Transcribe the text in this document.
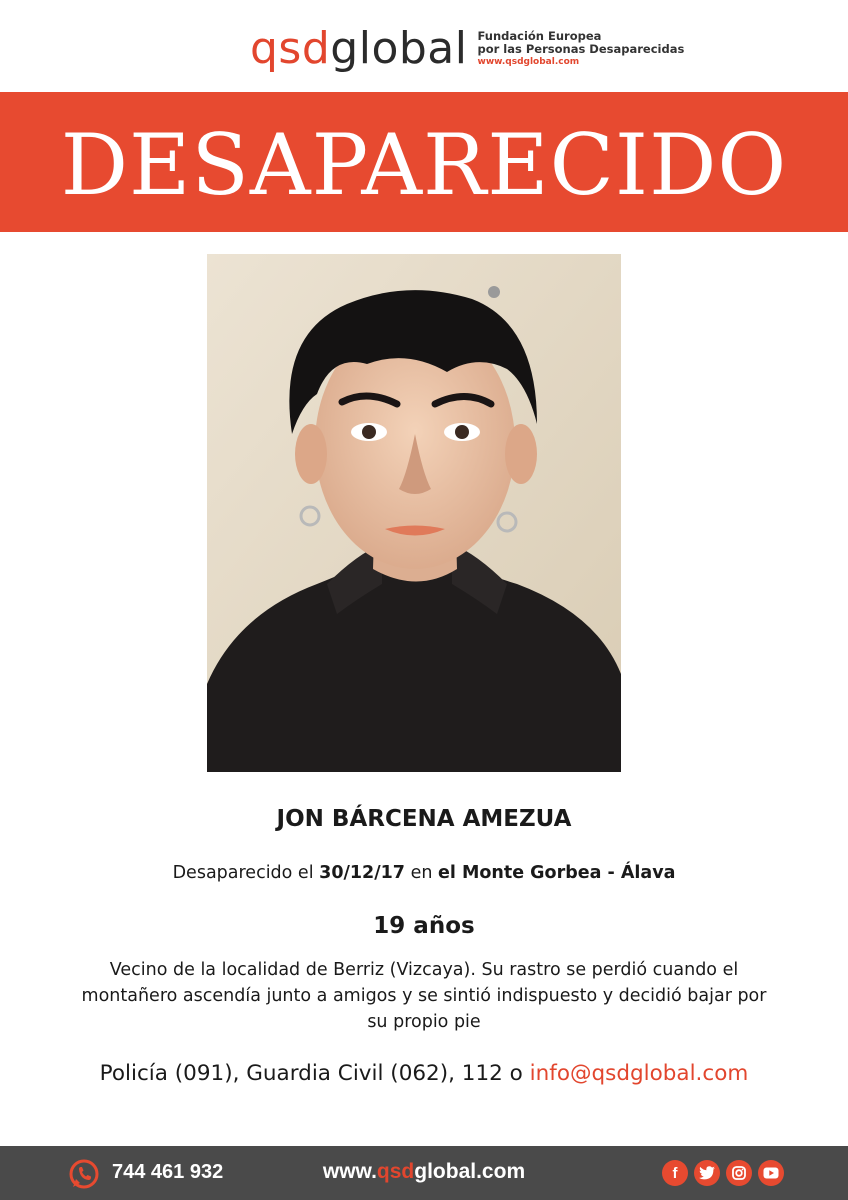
qsdglobal Fundación Europea
por las Personas Desaparecidas
www.qsdglobal.com
DESAPARECIDO
JON BÁRCENA AMEZUA
Desaparecido el 30/12/17 en el Monte Gorbea - Álava
19 años
Vecino de la localidad de Berriz (Vizcaya). Su rastro se perdió cuando el montañero ascendía junto a amigos y se sintió indispuesto y decidió bajar por su propio pie
Policía (091), Guardia Civil (062), 112 o info@qsdglobal.com
744 461 932	www.qsdglobal.com	f
